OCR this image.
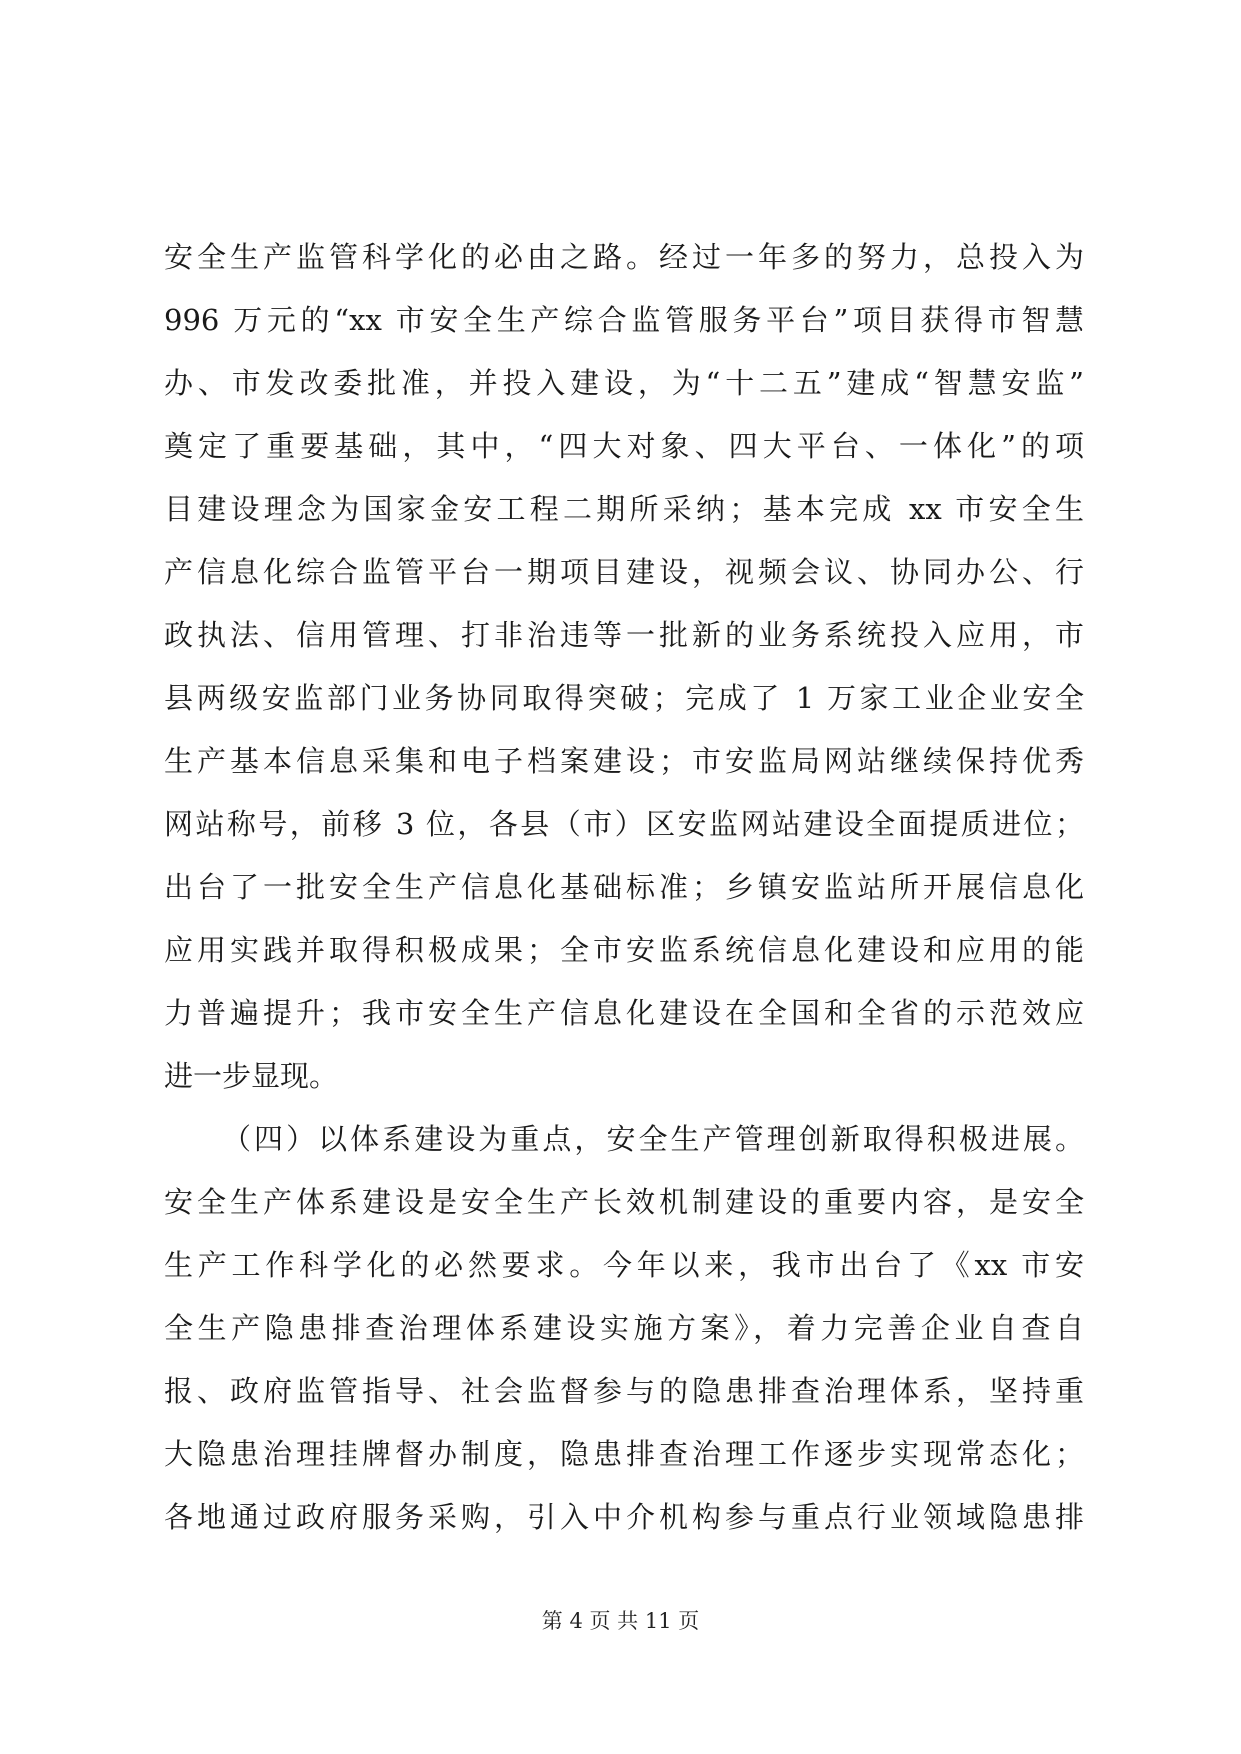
安全生产监管科学化的必由之路。经过一年多的努力，总投入为
996 万元的“xx 市安全生产综合监管服务平台”项目获得市智慧
办、市发改委批准，并投入建设，为“十二五”建成“智慧安监”
奠定了重要基础，其中，“四大对象、四大平台、一体化”的项
目建设理念为国家金安工程二期所采纳；基本完成 xx 市安全生
产信息化综合监管平台一期项目建设，视频会议、协同办公、行
政执法、信用管理、打非治违等一批新的业务系统投入应用，市
县两级安监部门业务协同取得突破；完成了 1 万家工业企业安全
生产基本信息采集和电子档案建设；市安监局网站继续保持优秀
网站称号，前移 3 位，各县（市）区安监网站建设全面提质进位；
出台了一批安全生产信息化基础标准；乡镇安监站所开展信息化
应用实践并取得积极成果；全市安监系统信息化建设和应用的能
力普遍提升；我市安全生产信息化建设在全国和全省的示范效应
进一步显现。
（四）以体系建设为重点，安全生产管理创新取得积极进展。
安全生产体系建设是安全生产长效机制建设的重要内容，是安全
生产工作科学化的必然要求。今年以来，我市出台了《xx 市安
全生产隐患排查治理体系建设实施方案》，着力完善企业自查自
报、政府监管指导、社会监督参与的隐患排查治理体系，坚持重
大隐患治理挂牌督办制度，隐患排查治理工作逐步实现常态化；
各地通过政府服务采购，引入中介机构参与重点行业领域隐患排
第 4 页 共 11 页
